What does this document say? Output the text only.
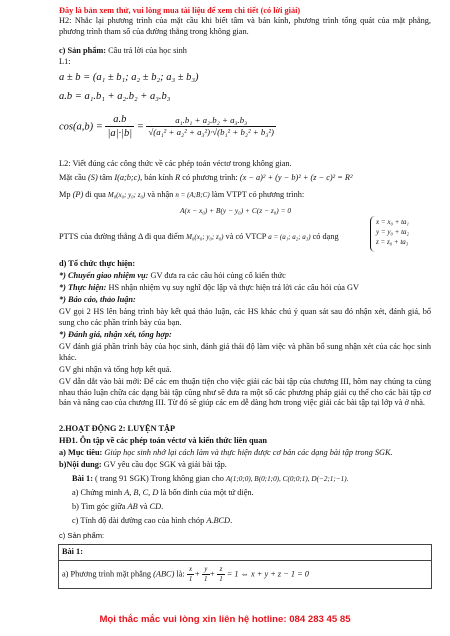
Đây là bản xem thử, vui lòng mua tài liệu để xem chi tiết (có lời giải)
H2: Nhắc lại phương trình của mặt cầu khi biết tâm và bán kính, phương trình tổng quát của mặt phẳng, phương trình tham số của đường thẳng trong không gian.
c) Sản phẩm: Câu trả lời của học sinh
L1:
a ± b = (a₁ ± b₁; a₂ ± b₂; a₃ ± b₃)
a.b = a₁.b₁ + a₂.b₂ + a₃.b₃
$\cos(a,b) = \frac{a.b}{|a|\cdot|b|} = \frac{\text{a₁.b₁ + a₂.b₂ + a₃.b₃}}{\text{√(a₁² + a₂² + a₃²)·√(b₁² + b₂² + b₃²)}}$
L2: Viết đúng các công thức về các phép toán véctơ trong không gian.
Mặt cầu (S) tâm I(a;b;c), bán kính R có phương trình: (x − a)² + (y − b)² + (z − c)² = R²
Mp (P) đi qua M₀(x₀; y₀; z₀) và nhận n = (A;B;C) làm VTPT có phương trình:
A(x − x₀) + B(y − y₀) + C(z − z₀) = 0
PTTS của đường thẳng Δ đi qua điểm M₀(x₀; y₀; z₀) và có VTCP a = (a₁; a₂; a₃) có dạng
x = x₀ + ta₁
y = y₀ + ta₂
z = z₀ + ta₃
d) Tổ chức thực hiện:
*) Chuyển giao nhiệm vụ: GV đưa ra các câu hỏi củng cố kiến thức
*) Thực hiện: HS nhận nhiệm vụ suy nghĩ độc lập và thực hiện trả lời các câu hỏi của GV
*) Báo cáo, thảo luận:
GV gọi 2 HS lên bảng trình bày kết quả thảo luận, các HS khác chú ý quan sát sau đó nhận xét, đánh giá, bổ sung cho các phần trình bày của bạn.
*) Đánh giá, nhận xét, tổng hợp:
GV đánh giá phần trình bày của học sinh, đánh giá thái độ làm việc và phần bổ sung nhận xét của các học sinh khác.
GV ghi nhận và tổng hợp kết quả.
GV dẫn dắt vào bài mới: Để các em thuận tiện cho việc giải các bài tập của chương III, hôm nay chúng ta cùng nhau thảo luận chữa các dạng bài tập cũng như sẽ đưa ra một số các phương pháp giải cụ thể cho các bài tập cơ bản và nâng cao của chương III. Từ đó sẽ giúp các em dễ dàng hơn trong việc giải các bài tập tại lớp và ở nhà.
2.HOẠT ĐỘNG 2: LUYỆN TẬP
HĐ1. Ôn tập về các phép toán véctơ và kiến thức liên quan
a) Mục tiêu: Giúp học sinh nhớ lại cách làm và thực hiện được cơ bản các dạng bài tập trong SGK.
b)Nội dung: GV yêu cầu đọc SGK và giải bài tập.
Bài 1: ( trang 91 SGK) Trong không gian cho A(1;0;0), B(0;1;0), C(0;0;1), D(−2;1;−1).
a) Chứng minh A, B, C, D là bốn đỉnh của một tứ diện.
b) Tìm góc giữa AB và CD.
c) Tính độ dài đường cao của hình chóp A.BCD.
c) Sản phẩm:
Bài 1:
a) Phương trình mặt phẳng (ABC) là: $\frac{x}{1} + \frac{y}{1} + \frac{z}{1} = 1$ ⇔ x + y + z − 1 = 0
Mọi thắc mắc vui lòng xin liên hệ hotline: 084 283 45 85
